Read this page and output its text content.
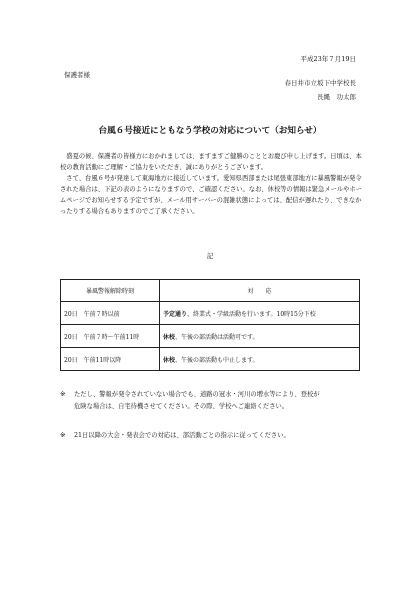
平成23年７月19日
保護者様
春日井市立坂下中学校長
長縄　功太郎
台風６号接近にともなう学校の対応について（お知らせ）

盛夏の候、保護者の皆様方におかれましては、ますますご健勝のこととお慶び申し上げます。日頃は、本校の教育活動にご理解・ご協力をいただき、誠にありがとうございます。

さて、台風６号が発達して東海地方に接近しています。愛知県西部または尾張東部地方に暴風警報が発令された場合は、下記の表のようになりますので、ご確認ください。なお、休校等の情報は緊急メールやホームページでお知らせする予定ですが、メール用サーバーの混雑状態によっては、配信が遅れたり、できなかったりする場合もありますのでご了承ください。

記
暴風警報解除時刻	対　　応
20日　午前７時以前	予定通り、終業式・学級活動を行います。10時15分下校
20日　午前７時～午前11時	休校、午後の部活動は活動可です。
20日　午前11時以降	休校、午後の部活動も中止します。
※ ただし、警報が発令されていない場合でも、道路の冠水・河川の増水等により、登校が
危険な場合は、自宅待機させてください。その際、学校へご連絡ください。
※ 21日以降の大会・発表会での対応は、部活動ごとの指示に従ってください。
